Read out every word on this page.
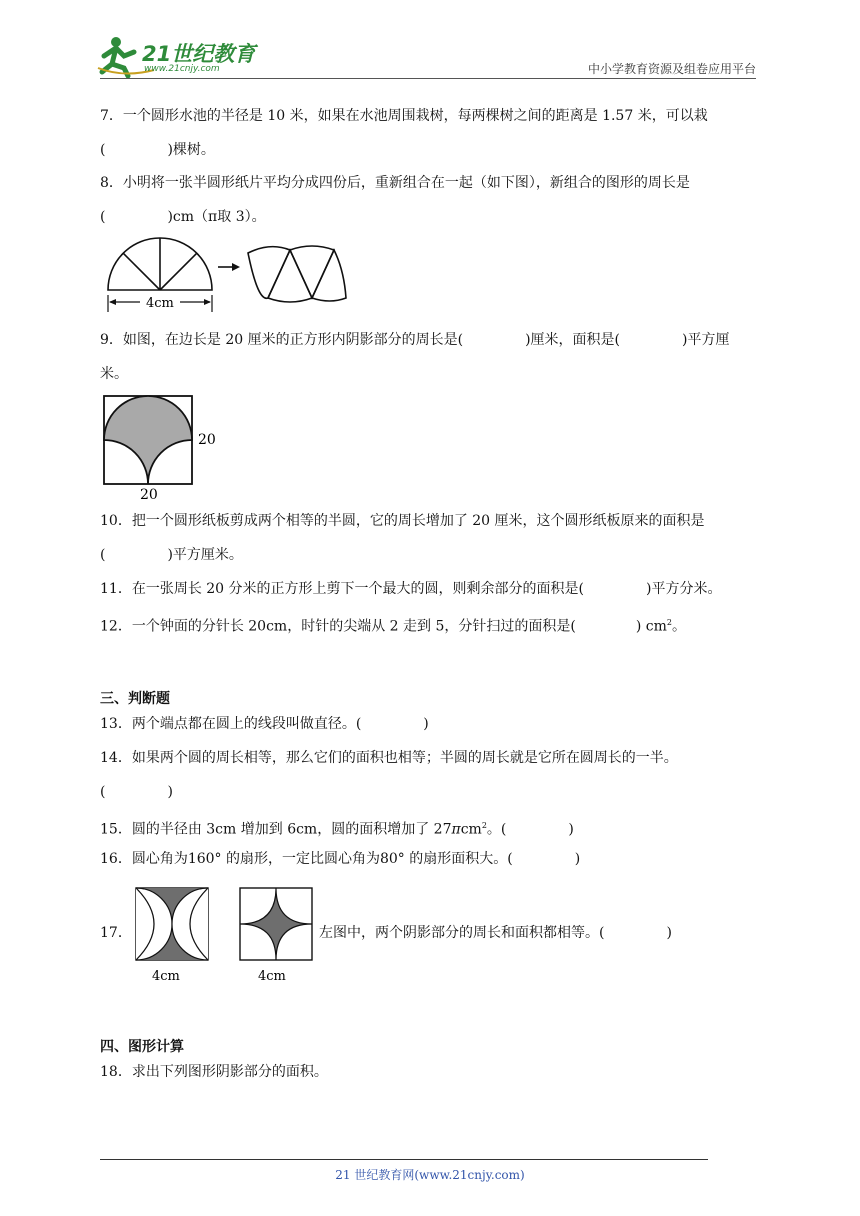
21世纪教育
www.21cnjy.com	中小学教育资源及组卷应用平台
7．一个圆形水池的半径是 10 米，如果在水池周围栽树，每两棵树之间的距离是 1.57 米，可以栽
(	)棵树。
8．小明将一张半圆形纸片平均分成四份后，重新组合在一起（如下图），新组合的图形的周长是
(	)cm（π取 3）。
4cm
9．如图，在边长是 20 厘米的正方形内阴影部分的周长是(	)厘米，面积是(	)平方厘
米。
20
20
10．把一个圆形纸板剪成两个相等的半圆，它的周长增加了 20 厘米，这个圆形纸板原来的面积是
(	)平方厘米。
11．在一张周长 20 分米的正方形上剪下一个最大的圆，则剩余部分的面积是(	)平方分米。
12．一个钟面的分针长 20cm，时针的尖端从 2 走到 5，分针扫过的面积是(	) $cm^2$。
三、判断题
13．两个端点都在圆上的线段叫做直径。(	)
14．如果两个圆的周长相等，那么它们的面积也相等；半圆的周长就是它所在圆周长的一半。
(	)
15．圆的半径由 3cm 增加到 6cm，圆的面积增加了 27πcm$^2$。(	)
16．圆心角为160° 的扇形，一定比圆心角为80° 的扇形面积大。(	)
17．
4cm	4cm
左图中，两个阴影部分的周长和面积都相等。(	)
四、图形计算
18．求出下列图形阴影部分的面积。
21 世纪教育网(www.21cnjy.com)
